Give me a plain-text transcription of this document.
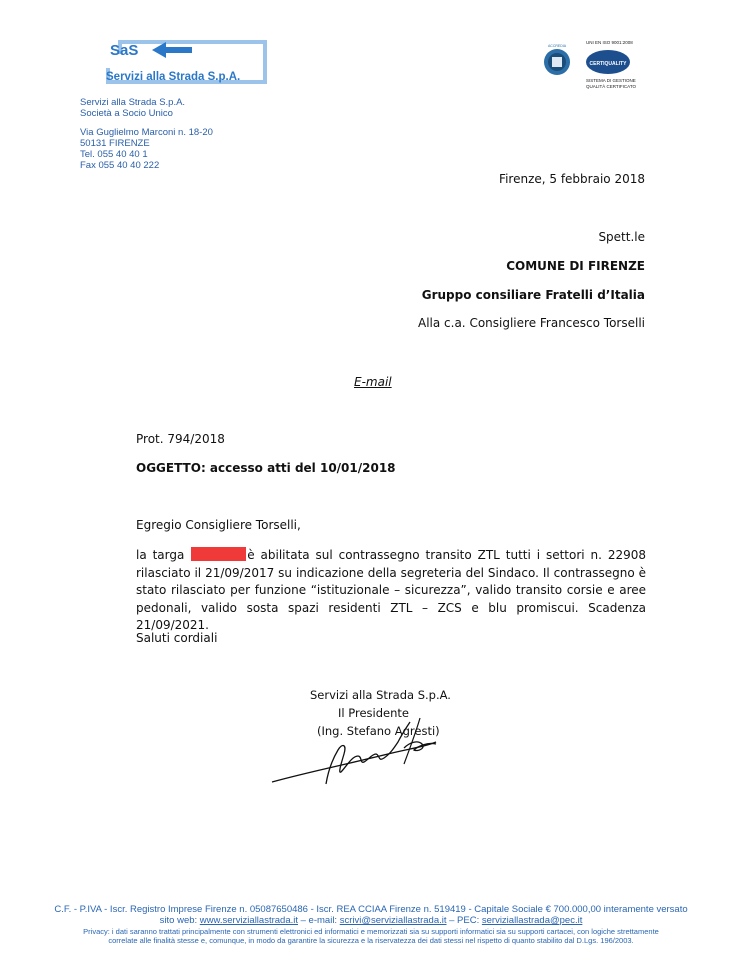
SaS
Servizi alla Strada S.p.A.
Servizi alla Strada S.p.A.
Società a Socio Unico
Via Guglielmo Marconi n. 18-20
50131 FIRENZE
Tel. 055 40 40 1
Fax 055 40 40 222
ACCREDIA
UNI EN ISO 9001:2008
CERTIQUALITY
SISTEMA DI GESTIONE
QUALITÀ CERTIFICATO
Firenze, 5 febbraio 2018
Spett.le
COMUNE DI FIRENZE
Gruppo consiliare Fratelli d’Italia
Alla c.a. Consigliere Francesco Torselli
E-mail
Prot. 794/2018
OGGETTO: accesso atti del 10/01/2018
Egregio Consigliere Torselli,
la targa	è abilitata sul contrassegno transito ZTL tutti i settori n. 22908 rilasciato il 21/09/2017 su indicazione della segreteria del Sindaco. Il contrassegno è stato rilasciato per funzione “istituzionale – sicurezza”, valido transito corsie e aree pedonali, valido sosta spazi residenti ZTL – ZCS e blu promiscui. Scadenza 21/09/2021.
Saluti cordiali
Servizi alla Strada S.p.A.
Il Presidente
(Ing. Stefano Agresti)
C.F. - P.IVA - Iscr. Registro Imprese Firenze n. 05087650486 - Iscr. REA CCIAA Firenze n. 519419 - Capitale Sociale € 700.000,00 interamente versato
sito web: www.serviziallastrada.it – e-mail: scrivi@serviziallastrada.it – PEC: serviziallastrada@pec.it
Privacy: i dati saranno trattati principalmente con strumenti elettronici ed informatici e memorizzati sia su supporti informatici sia su supporti cartacei, con logiche strettamente
correlate alle finalità stesse e, comunque, in modo da garantire la sicurezza e la riservatezza dei dati stessi nel rispetto di quanto stabilito dal D.Lgs. 196/2003.
